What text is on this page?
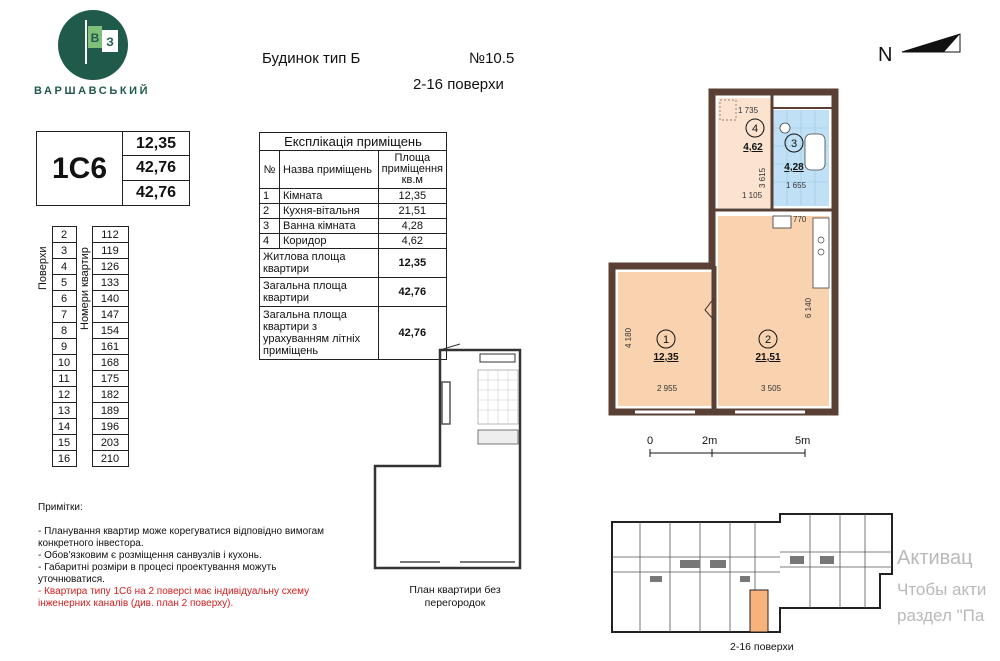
В З
ВАРШАВСЬКИЙ
Будинок тип Б	№10.5
2-16 поверхи
1С6
12,35
42,76
42,76
Поверхи	Номери квартир
	2		112
	3		119
	4		126
	5		133
	6		140
	7		147
	8		154
	9		161
	10		168
	11		175
	12		182
	13		189
	14		196
	15		203
	16		210
Експлікація приміщень		
№	Назва приміщень	Площа приміщення кв.м
1	Кімната	12,35
2	Кухня-вітальня	21,51
3	Ванна кімната	4,28
4	Коридор	4,62
Житлова площа квартири		12,35
Загальна площа квартири		42,76
Загальна площа квартири з урахуванням літніх приміщень		42,76
Примітки:
- Планування квартир може корегуватися відповідно вимогам конкретного інвестора.
- Обов'язковим є розміщення санвузлів і кухонь.
- Габаритні розміри в процесі проектування можуть уточнюватися.
- Квартира типу 1С6 на 2 поверсі має індивідуальну схему інженерних каналів (див. план 2 поверху).
План квартири без перегородок
N
1	2
3
4
12,35	21,51
4,28
4,62
1 735
3 615
1 105
1 655
770
6 140
4 180
2 955	3 505
0	2m	5m
2-16 поверхи
Активац
Чтобы акти
раздел "Па
